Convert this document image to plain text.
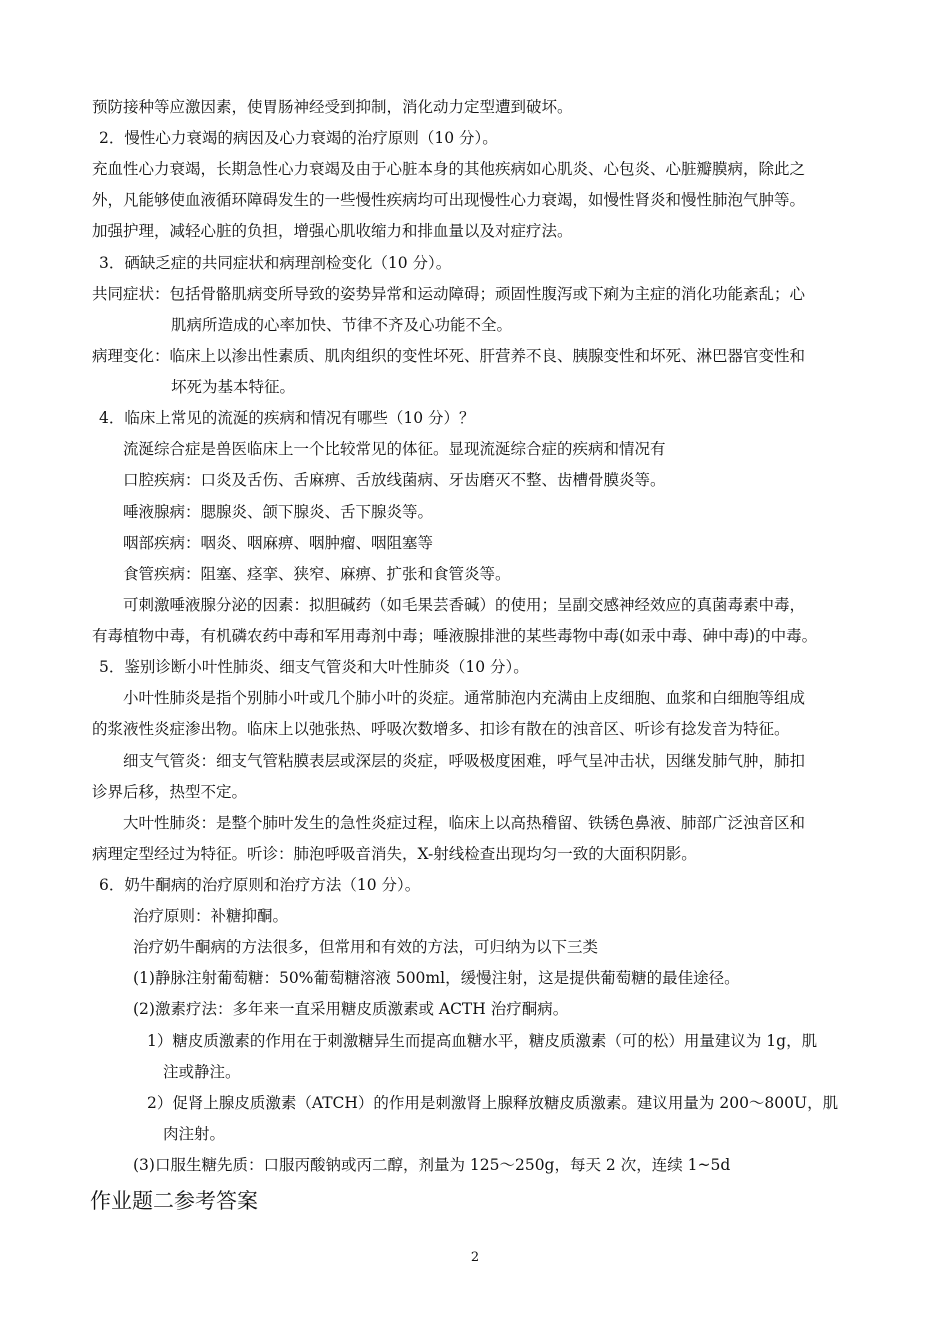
预防接种等应激因素，使胃肠神经受到抑制，消化动力定型遭到破坏。
2．慢性心力衰竭的病因及心力衰竭的治疗原则（10 分）。
充血性心力衰竭，长期急性心力衰竭及由于心脏本身的其他疾病如心肌炎、心包炎、心脏瓣膜病，除此之
外，凡能够使血液循环障碍发生的一些慢性疾病均可出现慢性心力衰竭，如慢性肾炎和慢性肺泡气肿等。
加强护理，减轻心脏的负担，增强心肌收缩力和排血量以及对症疗法。
3．硒缺乏症的共同症状和病理剖检变化（10 分）。
共同症状：包括骨骼肌病变所导致的姿势异常和运动障碍；顽固性腹泻或下痢为主症的消化功能紊乱；心
肌病所造成的心率加快、节律不齐及心功能不全。
病理变化：临床上以渗出性素质、肌肉组织的变性坏死、肝营养不良、胰腺变性和坏死、淋巴器官变性和
坏死为基本特征。
4．临床上常见的流涎的疾病和情况有哪些（10 分）？
流涎综合症是兽医临床上一个比较常见的体征。显现流涎综合症的疾病和情况有
口腔疾病：口炎及舌伤、舌麻痹、舌放线菌病、牙齿磨灭不整、齿槽骨膜炎等。
唾液腺病：腮腺炎、颌下腺炎、舌下腺炎等。
咽部疾病：咽炎、咽麻痹、咽肿瘤、咽阻塞等
食管疾病：阻塞、痉挛、狭窄、麻痹、扩张和食管炎等。
可刺激唾液腺分泌的因素：拟胆碱药（如毛果芸香碱）的使用；呈副交感神经效应的真菌毒素中毒，
有毒植物中毒，有机磷农药中毒和军用毒剂中毒；唾液腺排泄的某些毒物中毒(如汞中毒、砷中毒)的中毒。
5．鉴别诊断小叶性肺炎、细支气管炎和大叶性肺炎（10 分）。
小叶性肺炎是指个别肺小叶或几个肺小叶的炎症。通常肺泡内充满由上皮细胞、血浆和白细胞等组成
的浆液性炎症渗出物。临床上以弛张热、呼吸次数增多、扣诊有散在的浊音区、听诊有捻发音为特征。
细支气管炎：细支气管粘膜表层或深层的炎症，呼吸极度困难，呼气呈冲击状，因继发肺气肿，肺扣
诊界后移，热型不定。
大叶性肺炎：是整个肺叶发生的急性炎症过程，临床上以高热稽留、铁锈色鼻液、肺部广泛浊音区和
病理定型经过为特征。听诊：肺泡呼吸音消失，X-射线检查出现均匀一致的大面积阴影。
6．奶牛酮病的治疗原则和治疗方法（10 分）。
治疗原则：补糖抑酮。
治疗奶牛酮病的方法很多，但常用和有效的方法，可归纳为以下三类
(1)静脉注射葡萄糖：50%葡萄糖溶液 500ml，缓慢注射，这是提供葡萄糖的最佳途径。
(2)激素疗法：多年来一直采用糖皮质激素或 ACTH 治疗酮病。
1）糖皮质激素的作用在于刺激糖异生而提高血糖水平，糖皮质激素（可的松）用量建议为 1g，肌
注或静注。
2）促肾上腺皮质激素（ATCH）的作用是刺激肾上腺释放糖皮质激素。建议用量为 200～800U，肌
肉注射。
(3)口服生糖先质：口服丙酸钠或丙二醇，剂量为 125～250g，每天 2 次，连续 1~5d
作业题二参考答案
2
